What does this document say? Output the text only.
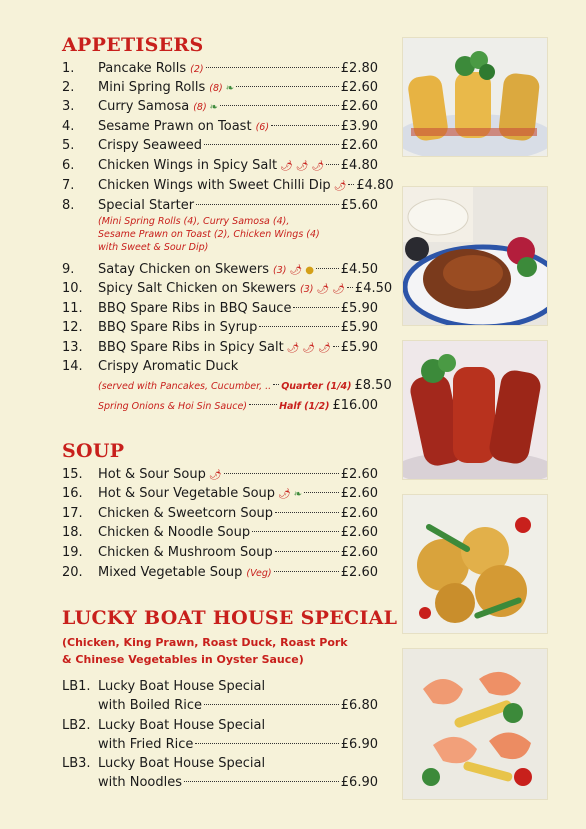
APPETISERS
1.	Pancake Rolls (2)	£2.80
2.	Mini Spring Rolls (8) ❧	£2.60
3.	Curry Samosa (8) ❧	£2.60
4.	Sesame Prawn on Toast (6)	£3.90
5.	Crispy Seaweed	£2.60
6.	Chicken Wings in Spicy Salt 🌶 🌶 🌶 £4.80
7.	Chicken Wings with Sweet Chilli Dip 🌶 £4.80
8.	Special Starter	£5.60
9.	Satay Chicken on Skewers (3) 🌶 ● £4.50
10.	Spicy Salt Chicken on Skewers (3) 🌶 🌶 £4.50
11.	BBQ Spare Ribs in BBQ Sauce	£5.90
12.	BBQ Spare Ribs in Syrup	£5.90
13.	BBQ Spare Ribs in Spicy Salt 🌶 🌶 🌶 £5.90
14.	Crispy Aromatic Duck
(Mini Spring Rolls (4), Curry Samosa (4),
Sesame Prawn on Toast (2), Chicken Wings (4)
with Sweet & Sour Dip)
(served with Pancakes, Cucumber, .. Quarter (1/4) £8.50
Spring Onions & Hoi Sin Sauce)	Half (1/2) £16.00
SOUP
15.	Hot & Sour Soup 🌶	£2.60
16.	Hot & Sour Vegetable Soup 🌶 ❧	£2.60
17.	Chicken & Sweetcorn Soup	£2.60
18.	Chicken & Noodle Soup	£2.60
19.	Chicken & Mushroom Soup	£2.60
20.	Mixed Vegetable Soup (Veg)	£2.60
LUCKY BOAT HOUSE SPECIAL
(Chicken, King Prawn, Roast Duck, Roast Pork
& Chinese Vegetables in Oyster Sauce)
LB1. Lucky Boat House Special
with Boiled Rice	£6.80
LB2. Lucky Boat House Special
with Fried Rice	£6.90
LB3. Lucky Boat House Special
with Noodles	£6.90
